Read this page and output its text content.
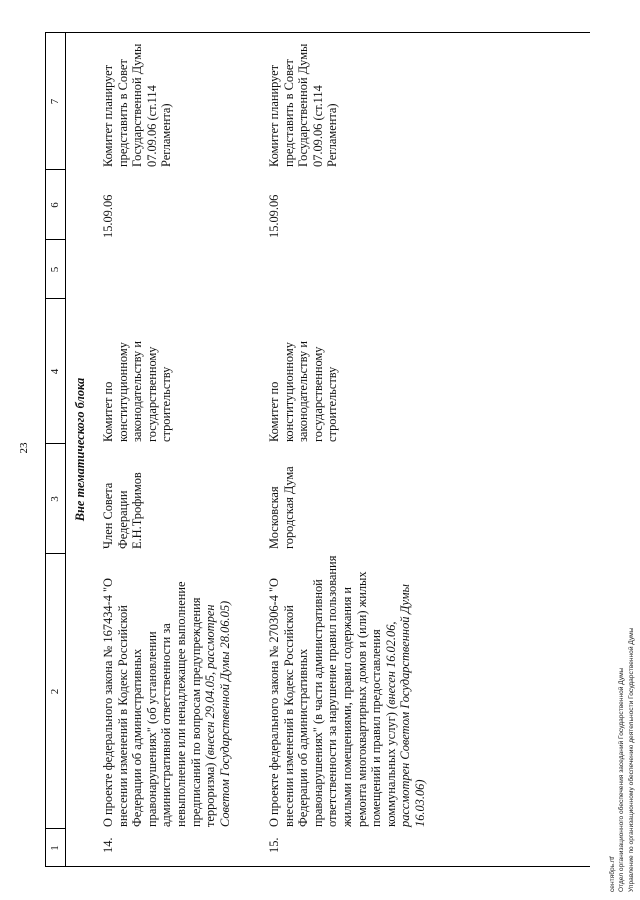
23
1
2
3
4
5
6
7
Вне тематического блока
14.
О проекте федерального закона № 167434-4 "О внесении изменений в Кодекс Российской Федерации об административных правонарушениях" (об установлении административной ответственности за невыполнение или ненадлежащее выполнение предписаний по вопросам предупреждения терроризма) (внесен 29.04.05, рассмотрен Советом Государственной Думы 28.06.05)
Член Совета Федерации Е.Н.Трофимов
Комитет по конституционному законодательству и государственному строительству
15.09.06
Комитет планирует представить в Совет Государственной Думы 07.09.06 (ст.114 Регламента)
15.
О проекте федерального закона № 270306-4 "О внесении изменений в Кодекс Российской Федерации об административных правонарушениях" (в части административной ответственности за нарушение правил пользования жилыми помещениями, правил содержания и ремонта многоквартирных домов и (или) жилых помещений и правил предоставления коммунальных услуг) (внесен 16.02.06, рассмотрен Советом Государственной Думы 16.03.06)
Московская городская Дума
Комитет по конституционному законодательству и государственному строительству
15.09.06
Комитет планирует представить в Совет Государственной Думы 07.09.06 (ст.114 Регламента)
сентябрь.rtf Отдел организационного обеспечения заседаний Государственной Думы Управление по организационному обеспечению деятельности Государственной Думы
